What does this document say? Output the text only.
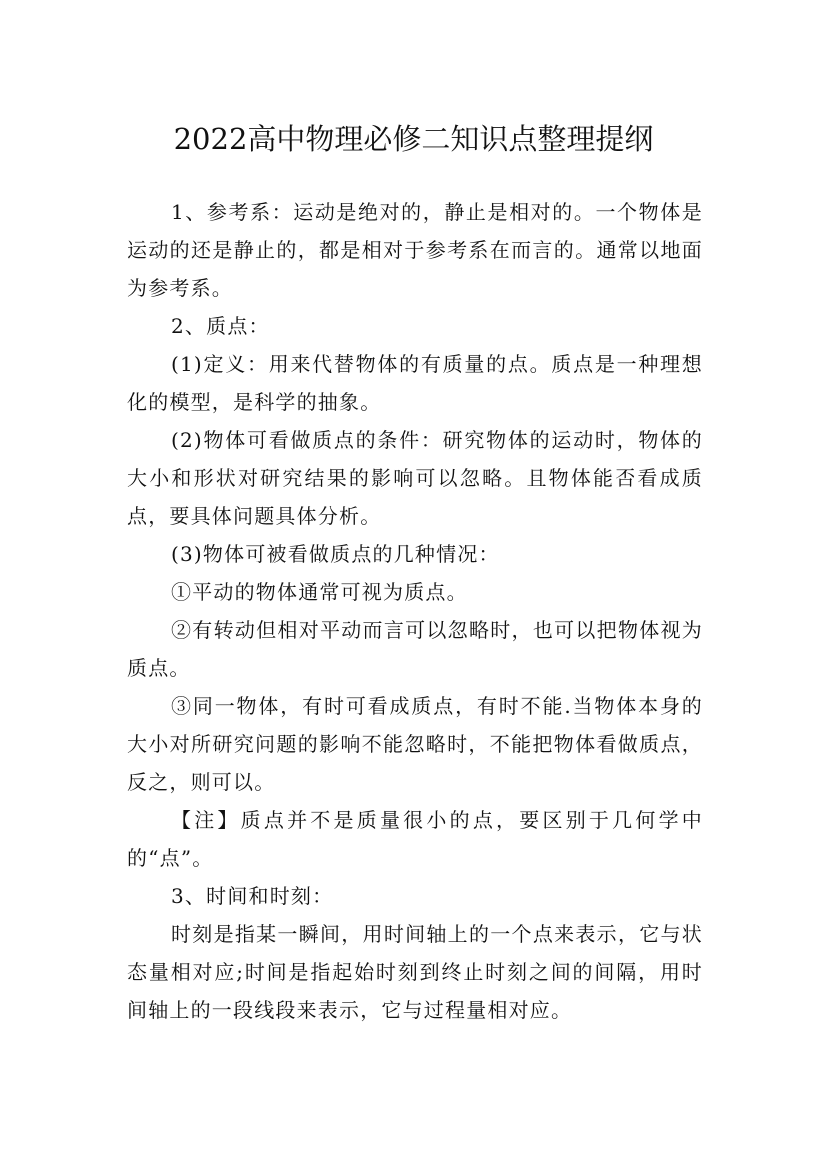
2022高中物理必修二知识点整理提纲

1、参考系：运动是绝对的，静止是相对的。一个物体是运动的还是静止的，都是相对于参考系在而言的。通常以地面为参考系。

2、质点：

(1)定义：用来代替物体的有质量的点。质点是一种理想化的模型，是科学的抽象。

(2)物体可看做质点的条件：研究物体的运动时，物体的大小和形状对研究结果的影响可以忽略。且物体能否看成质点，要具体问题具体分析。

(3)物体可被看做质点的几种情况：

①平动的物体通常可视为质点。

②有转动但相对平动而言可以忽略时，也可以把物体视为质点。

③同一物体，有时可看成质点，有时不能.当物体本身的大小对所研究问题的影响不能忽略时，不能把物体看做质点，反之，则可以。

【注】质点并不是质量很小的点，要区别于几何学中的“点”。

3、时间和时刻：

时刻是指某一瞬间，用时间轴上的一个点来表示，它与状态量相对应;时间是指起始时刻到终止时刻之间的间隔，用时间轴上的一段线段来表示，它与过程量相对应。
